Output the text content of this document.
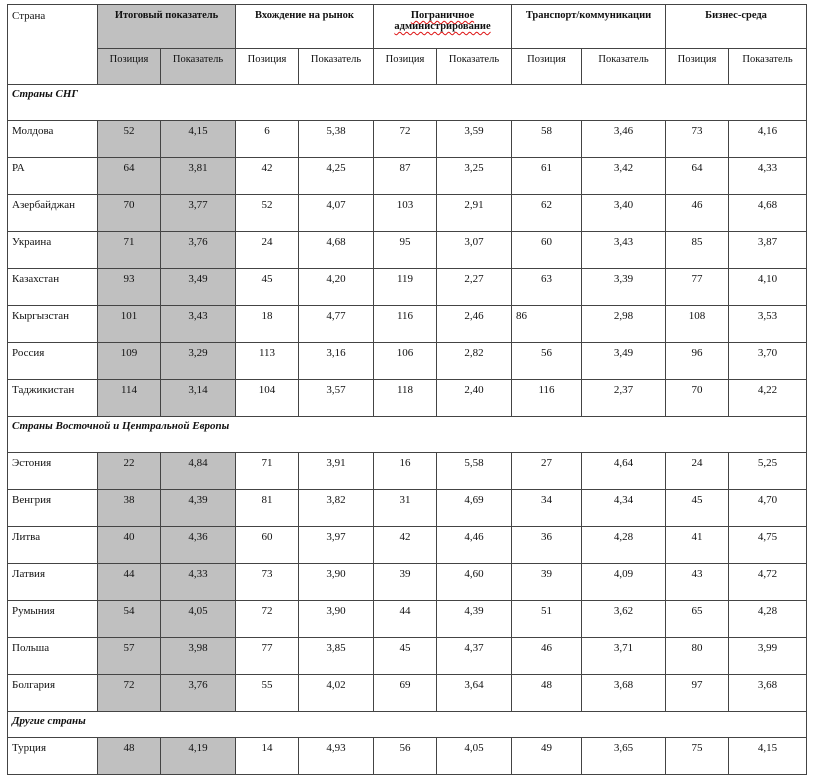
Страна	Итоговый показатель		Вхождение на рынок		Пограничное администрирование		Транспорт/коммуникации		Бизнес-среда	
	Позиция	Показатель	Позиция	Показатель	Позиция	Показатель	Позиция	Показатель	Позиция	Показатель
Страны СНГ										
Молдова	52	4,15	6	5,38	72	3,59	58	3,46	73	4,16
РА	64	3,81	42	4,25	87	3,25	61	3,42	64	4,33
Азербайджан	70	3,77	52	4,07	103	2,91	62	3,40	46	4,68
Украина	71	3,76	24	4,68	95	3,07	60	3,43	85	3,87
Казахстан	93	3,49	45	4,20	119	2,27	63	3,39	77	4,10
Кыргызстан	101	3,43	18	4,77	116	2,46	86	2,98	108	3,53
Россия	109	3,29	113	3,16	106	2,82	56	3,49	96	3,70
Таджикистан	114	3,14	104	3,57	118	2,40	116	2,37	70	4,22
Страны Восточной и Центральной Европы										
Эстония	22	4,84	71	3,91	16	5,58	27	4,64	24	5,25
Венгрия	38	4,39	81	3,82	31	4,69	34	4,34	45	4,70
Литва	40	4,36	60	3,97	42	4,46	36	4,28	41	4,75
Латвия	44	4,33	73	3,90	39	4,60	39	4,09	43	4,72
Румыния	54	4,05	72	3,90	44	4,39	51	3,62	65	4,28
Польша	57	3,98	77	3,85	45	4,37	46	3,71	80	3,99
Болгария	72	3,76	55	4,02	69	3,64	48	3,68	97	3,68
Другие страны										
Турция	48	4,19	14	4,93	56	4,05	49	3,65	75	4,15
